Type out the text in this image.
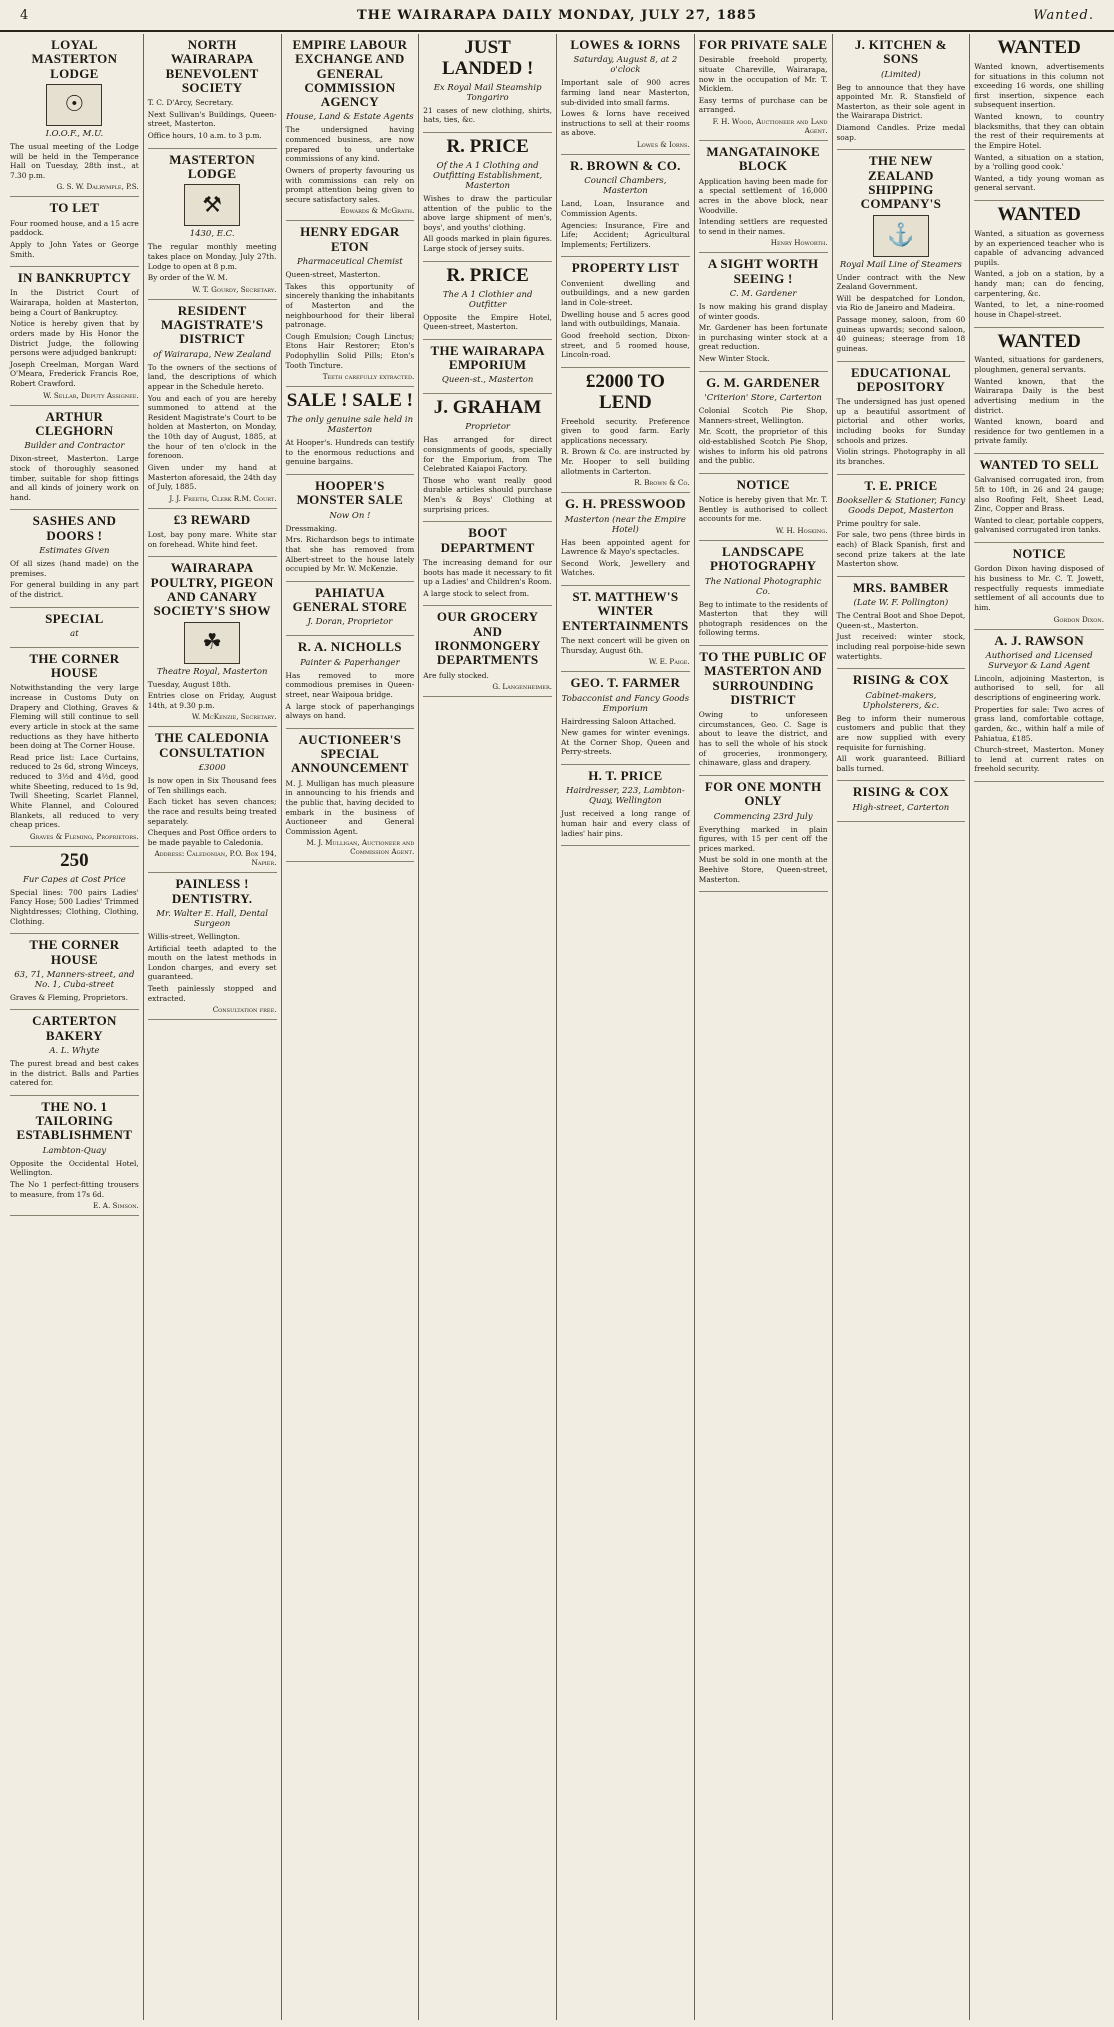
4	THE WAIRARAPA DAILY MONDAY, JULY 27, 1885	Wanted.
LOYAL MASTERTON LODGE
☉
I.O.O.F., M.U.
The usual meeting of the Lodge will be held in the Temperance Hall on Tuesday, 28th inst., at 7.30 p.m.
G. S. W. Dalrymple, P.S.
TO LET
Four roomed house, and a 15 acre paddock.
Apply to John Yates or George Smith.
IN BANKRUPTCY
In the District Court of Wairarapa, holden at Masterton, being a Court of Bankruptcy.
Notice is hereby given that by orders made by His Honor the District Judge, the following persons were adjudged bankrupt:
Joseph Creelman, Morgan Ward O'Meara, Frederick Francis Roe, Robert Crawford.
W. Sellar, Deputy Assignee.
ARTHUR CLEGHORN
Builder and Contractor
Dixon-street, Masterton. Large stock of thoroughly seasoned timber, suitable for shop fittings and all kinds of joinery work on hand.
SASHES AND DOORS !
Estimates Given
Of all sizes (hand made) on the premises.
For general building in any part of the district.
SPECIAL
at
THE CORNER HOUSE
Notwithstanding the very large increase in Customs Duty on Drapery and Clothing, Graves & Fleming will still continue to sell every article in stock at the same reductions as they have hitherto been doing at The Corner House.
Read price list: Lace Curtains, reduced to 2s 6d, strong Winceys, reduced to 3½d and 4½d, good white Sheeting, reduced to 1s 9d, Twill Sheeting, Scarlet Flannel, White Flannel, and Coloured Blankets, all reduced to very cheap prices.
Graves & Fleming, Proprietors.
250
Fur Capes at Cost Price
Special lines: 700 pairs Ladies' Fancy Hose; 500 Ladies' Trimmed Nightdresses; Clothing, Clothing, Clothing.
THE CORNER HOUSE
63, 71, Manners-street, and No. 1, Cuba-street
Graves & Fleming, Proprietors.
CARTERTON BAKERY
A. L. Whyte
The purest bread and best cakes in the district. Balls and Parties catered for.
THE NO. 1 TAILORING ESTABLISHMENT
Lambton-Quay
Opposite the Occidental Hotel, Wellington.
The No 1 perfect-fitting trousers to measure, from 17s 6d.
E. A. Simson.
NORTH WAIRARAPA BENEVOLENT SOCIETY
T. C. D'Arcy, Secretary.
Next Sullivan's Buildings, Queen-street, Masterton.
Office hours, 10 a.m. to 3 p.m.
MASTERTON LODGE
⚒
1430, E.C.
The regular monthly meeting takes place on Monday, July 27th. Lodge to open at 8 p.m.
By order of the W. M.
W. T. Gourdy, Secretary.
RESIDENT MAGISTRATE'S DISTRICT
of Wairarapa, New Zealand
To the owners of the sections of land, the descriptions of which appear in the Schedule hereto.
You and each of you are hereby summoned to attend at the Resident Magistrate's Court to be holden at Masterton, on Monday, the 10th day of August, 1885, at the hour of ten o'clock in the forenoon.
Given under my hand at Masterton aforesaid, the 24th day of July, 1885.
J. J. Freeth, Clerk R.M. Court.
£3 REWARD
Lost, bay pony mare. White star on forehead. White hind feet.
WAIRARAPA POULTRY, PIGEON AND CANARY SOCIETY'S SHOW
☘
Theatre Royal, Masterton
Tuesday, August 18th.
Entries close on Friday, August 14th, at 9.30 p.m.
W. McKenzie, Secretary.
THE CALEDONIA CONSULTATION
£3000
Is now open in Six Thousand fees of Ten shillings each.
Each ticket has seven chances; the race and results being treated separately.
Cheques and Post Office orders to be made payable to Caledonia.
Address: Caledonian, P.O. Box 194, Napier.
PAINLESS ! DENTISTRY.
Mr. Walter E. Hall, Dental Surgeon
Willis-street, Wellington.
Artificial teeth adapted to the mouth on the latest methods in London charges, and every set guaranteed.
Teeth painlessly stopped and extracted.
Consultation free.
EMPIRE LABOUR EXCHANGE AND GENERAL COMMISSION AGENCY
House, Land & Estate Agents
The undersigned having commenced business, are now prepared to undertake commissions of any kind.
Owners of property favouring us with commissions can rely on prompt attention being given to secure satisfactory sales.
Edwards & McGrath.
HENRY EDGAR ETON
Pharmaceutical Chemist
Queen-street, Masterton.
Takes this opportunity of sincerely thanking the inhabitants of Masterton and the neighbourhood for their liberal patronage.
Cough Emulsion; Cough Linctus; Etons Hair Restorer; Eton's Podophyllin Solid Pills; Eton's Tooth Tincture.
Teeth carefully extracted.
SALE ! SALE !
The only genuine sale held in Masterton
At Hooper's. Hundreds can testify to the enormous reductions and genuine bargains.
HOOPER'S MONSTER SALE
Now On !
Dressmaking.
Mrs. Richardson begs to intimate that she has removed from Albert-street to the house lately occupied by Mr. W. McKenzie.
PAHIATUA GENERAL STORE
J. Doran, Proprietor
R. A. NICHOLLS
Painter & Paperhanger
Has removed to more commodious premises in Queen-street, near Waipoua bridge.
A large stock of paperhangings always on hand.
AUCTIONEER'S SPECIAL ANNOUNCEMENT
M. J. Mulligan has much pleasure in announcing to his friends and the public that, having decided to embark in the business of Auctioneer and General Commission Agent.
M. J. Mulligan, Auctioneer and Commission Agent.
JUST LANDED !
Ex Royal Mail Steamship Tongariro
21 cases of new clothing, shirts, hats, ties, &c.
R. PRICE
Of the A 1 Clothing and Outfitting Establishment, Masterton
Wishes to draw the particular attention of the public to the above large shipment of men's, boys', and youths' clothing.
All goods marked in plain figures. Large stock of jersey suits.
R. PRICE
The A 1 Clothier and Outfitter
Opposite the Empire Hotel, Queen-street, Masterton.
THE WAIRARAPA EMPORIUM
Queen-st., Masterton
J. GRAHAM
Proprietor
Has arranged for direct consignments of goods, specially for the Emporium, from The Celebrated Kaiapoi Factory.
Those who want really good durable articles should purchase Men's & Boys' Clothing at surprising prices.
BOOT DEPARTMENT
The increasing demand for our boots has made it necessary to fit up a Ladies' and Children's Room.
A large stock to select from.
OUR GROCERY AND IRONMONGERY DEPARTMENTS
Are fully stocked.
G. Langenheimer.
LOWES & IORNS
Saturday, August 8, at 2 o'clock
Important sale of 900 acres farming land near Masterton, sub-divided into small farms.
Lowes & Iorns have received instructions to sell at their rooms as above.
Lowes & Iorns.
R. BROWN & CO.
Council Chambers, Masterton
Land, Loan, Insurance and Commission Agents.
Agencies: Insurance, Fire and Life; Accident; Agricultural Implements; Fertilizers.
PROPERTY LIST
Convenient dwelling and outbuildings, and a new garden land in Cole-street.
Dwelling house and 5 acres good land with outbuildings, Manaia.
Good freehold section, Dixon-street, and 5 roomed house, Lincoln-road.
£2000 TO LEND
Freehold security. Preference given to good farm. Early applications necessary.
R. Brown & Co. are instructed by Mr. Hooper to sell building allotments in Carterton.
R. Brown & Co.
G. H. PRESSWOOD
Masterton (near the Empire Hotel)
Has been appointed agent for Lawrence & Mayo's spectacles.
Second Work, Jewellery and Watches.
ST. MATTHEW'S WINTER ENTERTAINMENTS
The next concert will be given on Thursday, August 6th.
W. E. Paige.
GEO. T. FARMER
Tobacconist and Fancy Goods Emporium
Hairdressing Saloon Attached.
New games for winter evenings. At the Corner Shop, Queen and Perry-streets.
H. T. PRICE
Hairdresser, 223, Lambton-Quay, Wellington
Just received a long range of human hair and every class of ladies' hair pins.
FOR PRIVATE SALE
Desirable freehold property, situate Chareville, Wairarapa, now in the occupation of Mr. T. Micklem.
Easy terms of purchase can be arranged.
F. H. Wood, Auctioneer and Land Agent.
MANGATAINOKE BLOCK
Application having been made for a special settlement of 16,000 acres in the above block, near Woodville.
Intending settlers are requested to send in their names.
Henry Howorth.
A SIGHT WORTH SEEING !
C. M. Gardener
Is now making his grand display of winter goods.
Mr. Gardener has been fortunate in purchasing winter stock at a great reduction.
New Winter Stock.
G. M. GARDENER
'Criterion' Store, Carterton
Colonial Scotch Pie Shop, Manners-street, Wellington.
Mr. Scott, the proprietor of this old-established Scotch Pie Shop, wishes to inform his old patrons and the public.
NOTICE
Notice is hereby given that Mr. T. Bentley is authorised to collect accounts for me.
W. H. Hosking.
LANDSCAPE PHOTOGRAPHY
The National Photographic Co.
Beg to intimate to the residents of Masterton that they will photograph residences on the following terms.
TO THE PUBLIC OF MASTERTON AND SURROUNDING DISTRICT
Owing to unforeseen circumstances, Geo. C. Sage is about to leave the district, and has to sell the whole of his stock of groceries, ironmongery, chinaware, glass and drapery.
FOR ONE MONTH ONLY
Commencing 23rd July
Everything marked in plain figures, with 15 per cent off the prices marked.
Must be sold in one month at the Beehive Store, Queen-street, Masterton.
J. KITCHEN & SONS
(Limited)
Beg to announce that they have appointed Mr. R. Stansfield of Masterton, as their sole agent in the Wairarapa District.
Diamond Candles. Prize medal soap.
THE NEW ZEALAND SHIPPING COMPANY'S
⚓
Royal Mail Line of Steamers
Under contract with the New Zealand Government.
Will be despatched for London, via Rio de Janeiro and Madeira.
Passage money, saloon, from 60 guineas upwards; second saloon, 40 guineas; steerage from 18 guineas.
EDUCATIONAL DEPOSITORY
The undersigned has just opened up a beautiful assortment of pictorial and other works, including books for Sunday schools and prizes.
Violin strings. Photography in all its branches.
T. E. PRICE
Bookseller & Stationer, Fancy Goods Depot, Masterton
Prime poultry for sale.
For sale, two pens (three birds in each) of Black Spanish, first and second prize takers at the late Masterton show.
MRS. BAMBER
(Late W. F. Pollington)
The Central Boot and Shoe Depot, Queen-st., Masterton.
Just received: winter stock, including real porpoise-hide sewn watertights.
RISING & COX
Cabinet-makers, Upholsterers, &c.
Beg to inform their numerous customers and public that they are now supplied with every requisite for furnishing.
All work guaranteed. Billiard balls turned.
RISING & COX
High-street, Carterton
WANTED
Wanted known, advertisements for situations in this column not exceeding 16 words, one shilling first insertion, sixpence each subsequent insertion.
Wanted known, to country blacksmiths, that they can obtain the rest of their requirements at the Empire Hotel.
Wanted, a situation on a station, by a 'rolling good cook.'
Wanted, a tidy young woman as general servant.
WANTED
Wanted, a situation as governess by an experienced teacher who is capable of advancing advanced pupils.
Wanted, a job on a station, by a handy man; can do fencing, carpentering, &c.
Wanted, to let, a nine-roomed house in Chapel-street.
WANTED
Wanted, situations for gardeners, ploughmen, general servants.
Wanted known, that the Wairarapa Daily is the best advertising medium in the district.
Wanted known, board and residence for two gentlemen in a private family.
WANTED TO SELL
Galvanised corrugated iron, from 5ft to 10ft, in 26 and 24 gauge; also Roofing Felt, Sheet Lead, Zinc, Copper and Brass.
Wanted to clear, portable coppers, galvanised corrugated iron tanks.
NOTICE
Gordon Dixon having disposed of his business to Mr. C. T. Jowett, respectfully requests immediate settlement of all accounts due to him.
Gordon Dixon.
A. J. RAWSON
Authorised and Licensed Surveyor & Land Agent
Lincoln, adjoining Masterton, is authorised to sell, for all descriptions of engineering work.
Properties for sale: Two acres of grass land, comfortable cottage, garden, &c., within half a mile of Pahiatua, £185.
Church-street, Masterton. Money to lend at current rates on freehold security.
